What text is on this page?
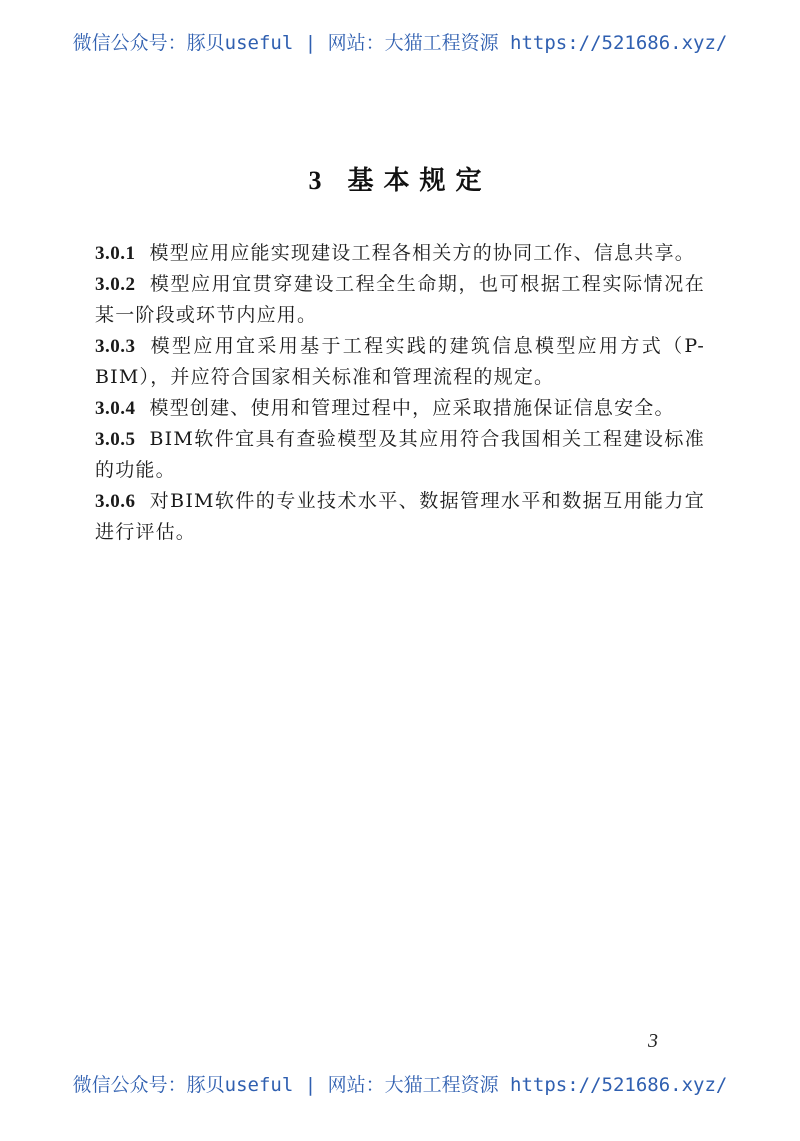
微信公众号：豚贝useful | 网站：大猫工程资源 https://521686.xyz/
3 基本规定

3.0.1 模型应用应能实现建设工程各相关方的协同工作、信息共享。

3.0.2 模型应用宜贯穿建设工程全生命期，也可根据工程实际情况在某一阶段或环节内应用。

3.0.3 模型应用宜采用基于工程实践的建筑信息模型应用方式（P-BIM），并应符合国家相关标准和管理流程的规定。

3.0.4 模型创建、使用和管理过程中，应采取措施保证信息安全。

3.0.5 BIM软件宜具有查验模型及其应用符合我国相关工程建设标准的功能。

3.0.6 对BIM软件的专业技术水平、数据管理水平和数据互用能力宜进行评估。

3
微信公众号：豚贝useful | 网站：大猫工程资源 https://521686.xyz/
